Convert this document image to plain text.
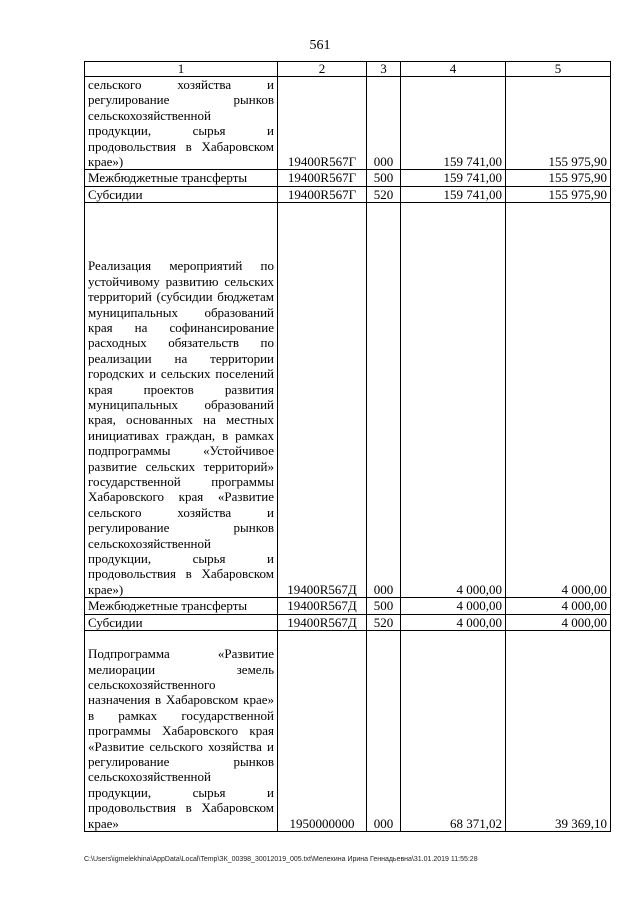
561
1	2	3	4	5
сельского хозяйства и регулирование рынков сельскохозяйственной продукции, сырья и продовольствия в Хабаровском крае»)	19400R567Г	000	159 741,00	155 975,90
Межбюджетные трансферты	19400R567Г	500	159 741,00	155 975,90
Субсидии	19400R567Г	520	159 741,00	155 975,90
Реализация мероприятий по устойчивому развитию сельских территорий (субсидии бюджетам муниципальных образований края на софинансирование расходных обязательств по реализации на территории городских и сельских поселений края проектов развития муниципальных образований края, основанных на местных инициативах граждан, в рамках подпрограммы «Устойчивое развитие сельских территорий» государственной программы Хабаровского края «Развитие сельского хозяйства и регулирование рынков сельскохозяйственной продукции, сырья и продовольствия в Хабаровском крае»)	19400R567Д	000	4 000,00	4 000,00
Межбюджетные трансферты	19400R567Д	500	4 000,00	4 000,00
Субсидии	19400R567Д	520	4 000,00	4 000,00
Подпрограмма «Развитие мелиорации земель сельскохозяйственного назначения в Хабаровском крае» в рамках государственной программы Хабаровского края «Развитие сельского хозяйства и регулирование рынков сельскохозяйственной продукции, сырья и продовольствия в Хабаровском крае»	1950000000	000	68 371,02	39 369,10
C:\Users\igmelekhina\AppData\Local\Temp\ЗК_00398_30012019_005.txt\Мелехина Ирина Геннадьевна\31.01.2019 11:55:28
